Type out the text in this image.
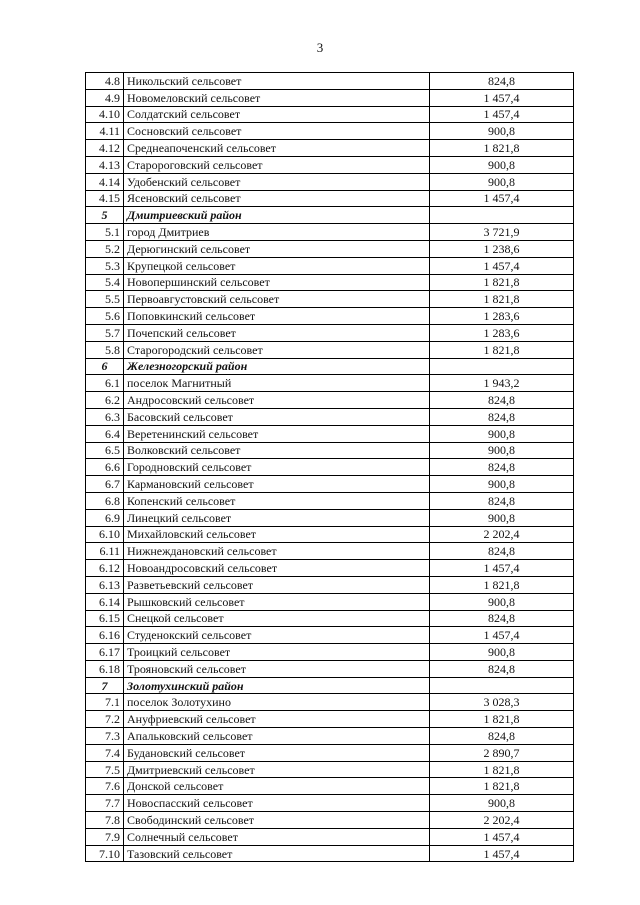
3
4.8	Никольский сельсовет	824,8
4.9	Новомеловский сельсовет	1 457,4
4.10	Солдатский сельсовет	1 457,4
4.11	Сосновский сельсовет	900,8
4.12	Среднеапоченский сельсовет	1 821,8
4.13	Старороговский сельсовет	900,8
4.14	Удобенский сельсовет	900,8
4.15	Ясеновский сельсовет	1 457,4
5	Дмитриевский район	
5.1	город Дмитриев	3 721,9
5.2	Дерюгинский сельсовет	1 238,6
5.3	Крупецкой сельсовет	1 457,4
5.4	Новопершинский сельсовет	1 821,8
5.5	Первоавгустовский сельсовет	1 821,8
5.6	Поповкинский сельсовет	1 283,6
5.7	Почепский сельсовет	1 283,6
5.8	Старогородский сельсовет	1 821,8
6	Железногорский район	
6.1	поселок Магнитный	1 943,2
6.2	Андросовский сельсовет	824,8
6.3	Басовский сельсовет	824,8
6.4	Веретенинский сельсовет	900,8
6.5	Волковский сельсовет	900,8
6.6	Городновский сельсовет	824,8
6.7	Кармановский сельсовет	900,8
6.8	Копенский сельсовет	824,8
6.9	Линецкий сельсовет	900,8
6.10	Михайловский сельсовет	2 202,4
6.11	Нижнеждановский сельсовет	824,8
6.12	Новоандросовский сельсовет	1 457,4
6.13	Разветьевский сельсовет	1 821,8
6.14	Рышковский сельсовет	900,8
6.15	Снецкой сельсовет	824,8
6.16	Студенокский сельсовет	1 457,4
6.17	Троицкий сельсовет	900,8
6.18	Трояновский сельсовет	824,8
7	Золотухинский район	
7.1	поселок Золотухино	3 028,3
7.2	Ануфриевский сельсовет	1 821,8
7.3	Апальковский сельсовет	824,8
7.4	Будановский сельсовет	2 890,7
7.5	Дмитриевский сельсовет	1 821,8
7.6	Донской сельсовет	1 821,8
7.7	Новоспасский сельсовет	900,8
7.8	Свободинский сельсовет	2 202,4
7.9	Солнечный сельсовет	1 457,4
7.10	Тазовский сельсовет	1 457,4
